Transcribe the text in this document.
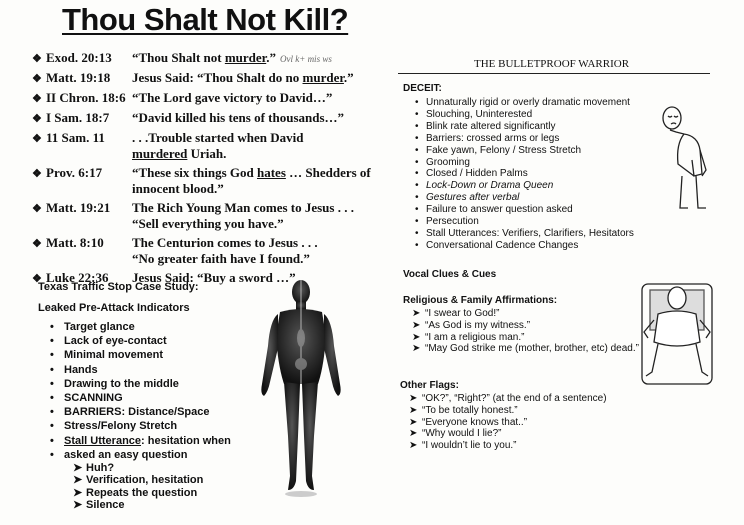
Thou Shalt Not Kill?
❖ Exod. 20:13	“Thou Shalt not murder.” Ovl k+ mis ws
❖ Matt. 19:18	Jesus Said: “Thou Shalt do no murder.”
❖ II Chron. 18:6 “The Lord gave victory to David…”
❖ I Sam. 18:7	“David killed his tens of thousands…”
❖ 11 Sam. 11	. . .Trouble started when David murdered Uriah.
❖ Prov. 6:17	“These six things God hates … Shedders of innocent blood.”
❖ Matt. 19:21	The Rich Young Man comes to Jesus . . . “Sell everything you have.”
❖ Matt. 8:10	The Centurion comes to Jesus . . . “No greater faith have I found.”
❖ Luke 22:36	Jesus Said: “Buy a sword …”
Texas Traffic Stop Case Study:
Leaked Pre-Attack Indicators
• Target glance
• Lack of eye-contact
• Minimal movement
• Hands
• Drawing to the middle
• SCANNING
• BARRIERS: Distance/Space
• Stress/Felony Stretch
• Stall Utterance: hesitation when
• asked an easy question
➤ Huh?
➤ Verification, hesitation
➤ Repeats the question
➤ Silence
THE BULLETPROOF WARRIOR
DECEIT:
• Unnaturally rigid or overly dramatic movement
• Slouching, Uninterested
• Blink rate altered significantly
• Barriers: crossed arms or legs
• Fake yawn, Felony / Stress Stretch
• Grooming
• Closed / Hidden Palms
• Lock-Down or Drama Queen
• Gestures after verbal
• Failure to answer question asked
• Persecution
• Stall Utterances: Verifiers, Clarifiers, Hesitators
• Conversational Cadence Changes
Vocal Clues & Cues
Religious & Family Affirmations:
➤ “I swear to God!”
➤ “As God is my witness.”
➤ “I am a religious man.”
➤ “May God strike me (mother, brother, etc) dead.”
Other Flags:
➤ “OK?”, “Right?” (at the end of a sentence)
➤ “To be totally honest.”
➤ “Everyone knows that..”
➤ “Why would I lie?”
➤ “I wouldn’t lie to you.”
